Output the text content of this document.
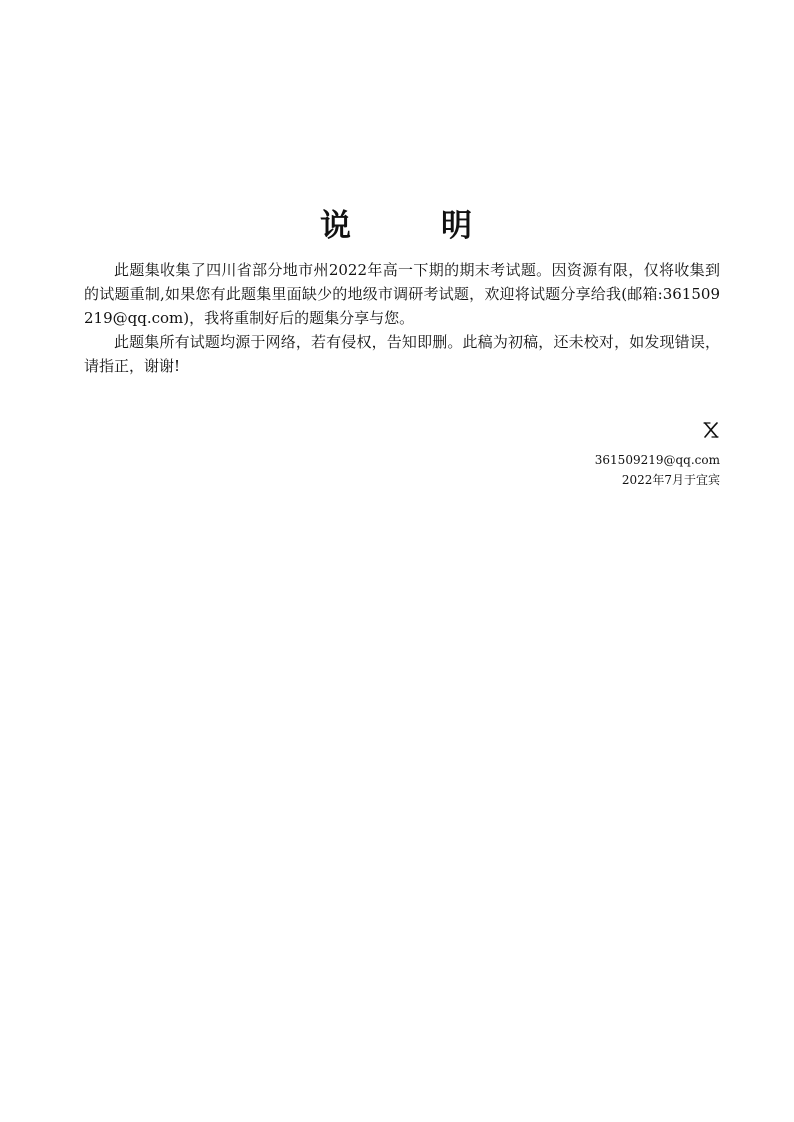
说	明

此题集收集了四川省部分地市州2022年高一下期的期末考试题。因资源有限，仅将收集到的试题重制,如果您有此题集里面缺少的地级市调研考试题，欢迎将试题分享给我(邮箱:361509219@qq.com)，我将重制好后的题集分享与您。

此题集所有试题均源于网络，若有侵权，告知即删。此稿为初稿，还未校对，如发现错误，请指正，谢谢!

361509219@qq.com
2022年7月于宜宾
